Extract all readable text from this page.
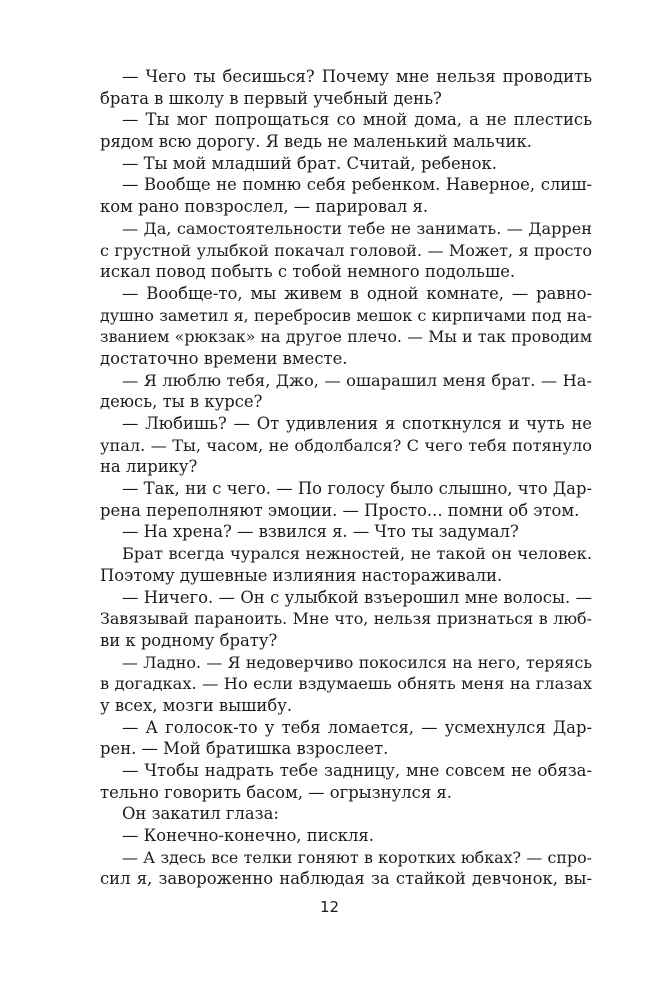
— Чего ты бесишься? Почему мне нельзя проводить
брата в школу в первый учебный день?
— Ты мог попрощаться со мной дома, а не плестись
рядом всю дорогу. Я ведь не маленький мальчик.
— Ты мой младший брат. Считай, ребенок.
— Вообще не помню себя ребенком. Наверное, слиш-
ком рано повзрослел, — парировал я.
— Да, самостоятельности тебе не занимать. — Даррен
с грустной улыбкой покачал головой. — Может, я просто
искал повод побыть с тобой немного подольше.
— Вообще-то, мы живем в одной комнате, — равно-
душно заметил я, перебросив мешок с кирпичами под на-
званием «рюкзак» на другое плечо. — Мы и так проводим
достаточно времени вместе.
— Я люблю тебя, Джо, — ошарашил меня брат. — На-
деюсь, ты в курсе?
— Любишь? — От удивления я споткнулся и чуть не
упал. — Ты, часом, не обдолбался? С чего тебя потянуло
на лирику?
— Так, ни с чего. — По голосу было слышно, что Дар-
рена переполняют эмоции. — Просто... помни об этом.
— На хрена? — взвился я. — Что ты задумал?
Брат всегда чурался нежностей, не такой он человек.
Поэтому душевные излияния настораживали.
— Ничего. — Он с улыбкой взъерошил мне волосы. —
Завязывай параноить. Мне что, нельзя признаться в люб-
ви к родному брату?
— Ладно. — Я недоверчиво покосился на него, теряясь
в догадках. — Но если вздумаешь обнять меня на глазах
у всех, мозги вышибу.
— А голосок-то у тебя ломается, — усмехнулся Дар-
рен. — Мой братишка взрослеет.
— Чтобы надрать тебе задницу, мне совсем не обяза-
тельно говорить басом, — огрызнулся я.
Он закатил глаза:
— Конечно-конечно, пискля.
— А здесь все телки гоняют в коротких юбках? — спро-
сил я, завороженно наблюдая за стайкой девчонок, вы-
12
